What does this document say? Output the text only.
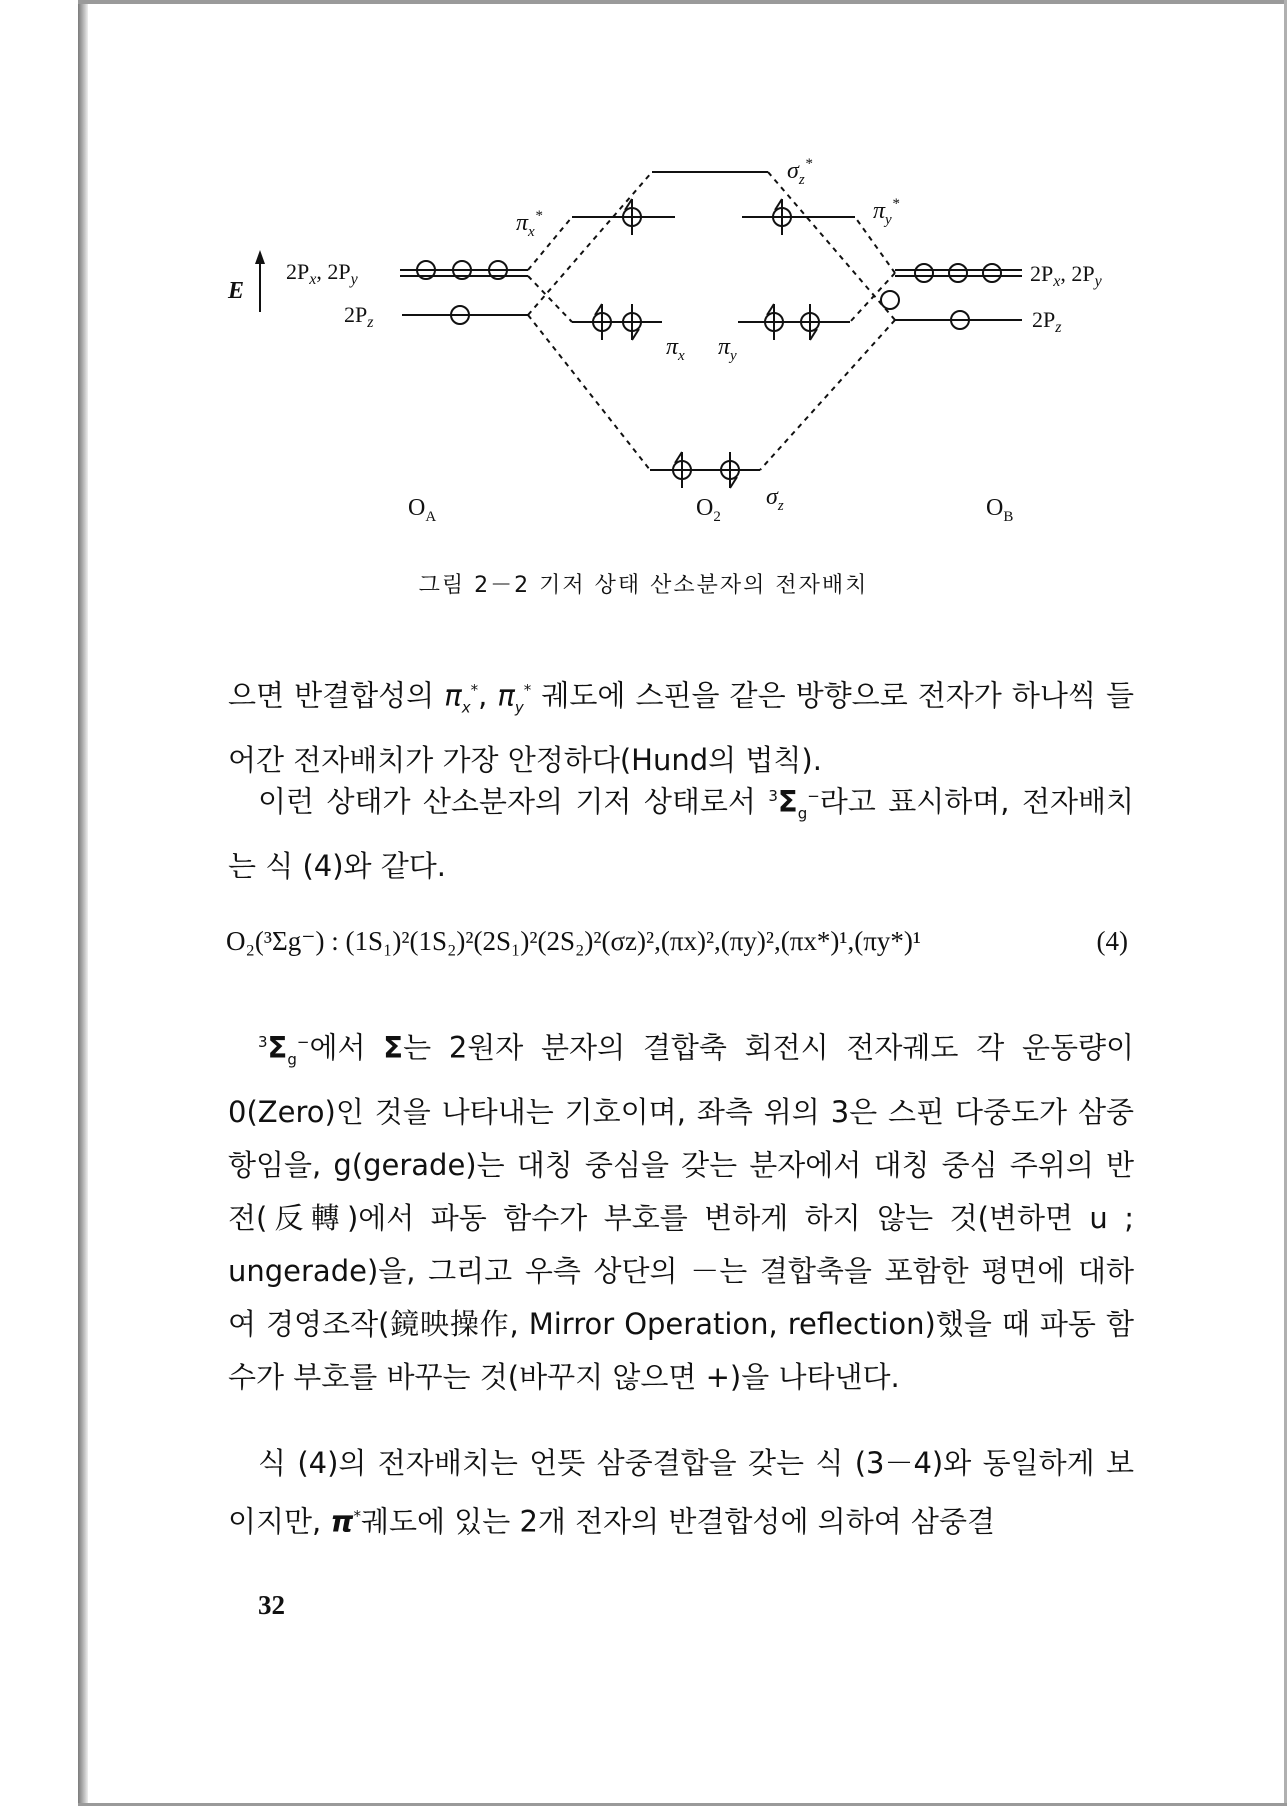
E
$2P_x$, $2P_y$
$2P_z$
$2P_x$, $2P_y$
$2P_z$
$\sigma_z^*$
$\pi_x^*$	$\pi_y^*$
$\pi_x$ $\pi_y$
$\sigma_z$
$O_A$	$O_2$	$O_B$
그림 2－2 기저 상태 산소분자의 전자배치

으면 반결합성의 $\pi_x^*$, $\pi_y^*$ 궤도에 스핀을 같은 방향으로 전자가 하나씩 들어간 전자배치가 가장 안정하다(Hund의 법칙).

이런 상태가 산소분자의 기저 상태로서 $^3\Sigma_g^-$라고 표시하며, 전자배치는 식 (4)와 같다.

O₂(³Σg⁻) : (1S₁)²(1S₂)²(2S₁)²(2S₂)²(σz)²,(πx)²,(πy)²,(πx*)¹,(πy*)¹	(4)

$^3\Sigma_g^-$에서 Σ는 2원자 분자의 결합축 회전시 전자궤도 각 운동량이 0(Zero)인 것을 나타내는 기호이며, 좌측 위의 3은 스핀 다중도가 삼중항임을, g(gerade)는 대칭 중심을 갖는 분자에서 대칭 중심 주위의 반전(反轉)에서 파동 함수가 부호를 변하게 하지 않는 것(변하면 u ; ungerade)을, 그리고 우측 상단의 －는 결합축을 포함한 평면에 대하여 경영조작(鏡映操作, Mirror Operation, reflection)했을 때 파동 함수가 부호를 바꾸는 것(바꾸지 않으면 +)을 나타낸다.

식 (4)의 전자배치는 언뜻 삼중결합을 갖는 식 (3－4)와 동일하게 보이지만, π*궤도에 있는 2개 전자의 반결합성에 의하여 삼중결

32
